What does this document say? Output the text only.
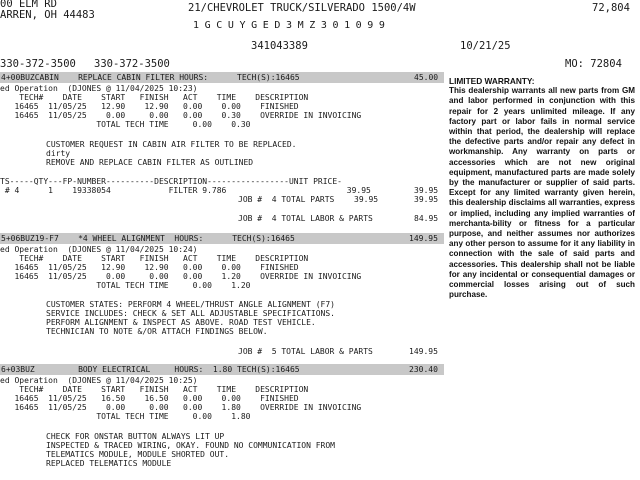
00 ELM RD
ARREN, OH 44483
21/CHEVROLET TRUCK/SILVERADO 1500/4W	72,804
1GCUYGED3MZ301099
341043389	10/21/25
330-372-3500 330-372-3500	MO: 72804
4+00BUZCABIN    REPLACE CABIN FILTER HOURS:      TECH(S):16465	45.00
ed Operation  (DJONES @ 11/04/2025 10:23)
TECH#    DATE    START   FINISH   ACT    TIME    DESCRIPTION
16465  11/05/25   12.90    12.90   0.00    0.00    FINISHED
16465  11/05/25    0.00     0.00   0.00    0.30    OVERRIDE IN INVOICING
TOTAL TECH TIME     0.00    0.30
CUSTOMER REQUEST IN CABIN AIR FILTER TO BE REPLACED.
dirty
REMOVE AND REPLACE CABIN FILTER AS OUTLINED
TS-----QTY---FP-NUMBER----------DESCRIPTION-----------------UNIT PRICE-
# 4      1    19338054            FILTER 9.786                         39.95	39.95
JOB #  4 TOTAL PARTS 39.95	39.95
JOB #  4 TOTAL LABOR & PARTS	84.95
5+06BUZ19-F7    *4 WHEEL ALIGNMENT  HOURS:      TECH(S):16465	149.95
ed Operation  (DJONES @ 11/04/2025 10:24)
TECH#    DATE    START   FINISH   ACT    TIME    DESCRIPTION
16465  11/05/25   12.90    12.90   0.00    0.00    FINISHED
16465  11/05/25    0.00     0.00   0.00    1.20    OVERRIDE IN INVOICING
TOTAL TECH TIME     0.00    1.20
CUSTOMER STATES: PERFORM 4 WHEEL/THRUST ANGLE ALIGNMENT (F7)
SERVICE INCLUDES: CHECK & SET ALL ADJUSTABLE SPECIFICATIONS.
PERFORM ALIGNMENT & INSPECT AS ABOVE. ROAD TEST VEHICLE.
TECHNICIAN TO NOTE &/OR ATTACH FINDINGS BELOW.
JOB #  5 TOTAL LABOR & PARTS	149.95
6+03BUZ         BODY ELECTRICAL     HOURS:  1.80 TECH(S):16465	230.40
ed Operation  (DJONES @ 11/04/2025 10:25)
TECH#    DATE    START   FINISH   ACT    TIME    DESCRIPTION
16465  11/05/25   16.50    16.50   0.00    0.00    FINISHED
16465  11/05/25    0.00     0.00   0.00    1.80    OVERRIDE IN INVOICING
TOTAL TECH TIME     0.00    1.80
CHECK FOR ONSTAR BUTTON ALWAYS LIT UP
INSPECTED & TRACED WIRING, OKAY. FOUND NO COMMUNICATION FROM
TELEMATICS MODULE, MODULE SHORTED OUT.
REPLACED TELEMATICS MODULE
LIMITED WARRANTY:
This dealership warrants all new parts from GM and labor performed in conjunction with this repair for 2 years unlimited mileage. If any factory part or labor fails in normal service within that period, the dealership will replace the defective parts and/or repair any defect in workmanship. Any warranty on parts or accessories which are not new original equipment, manufactured parts are made solely by the manufacturer or supplier of said parts. Except for any limited warranty given herein, this dealership disclaims all warranties, express or implied, including any implied warranties of merchanta-bility or fitness for a particular purpose, and neither assumes nor authorizes any other person to assume for it any liability in connection with the sale of said parts and accessories. This dealership shall not be liable for any incidental or consequential damages or commercial losses arising out of such purchase.
